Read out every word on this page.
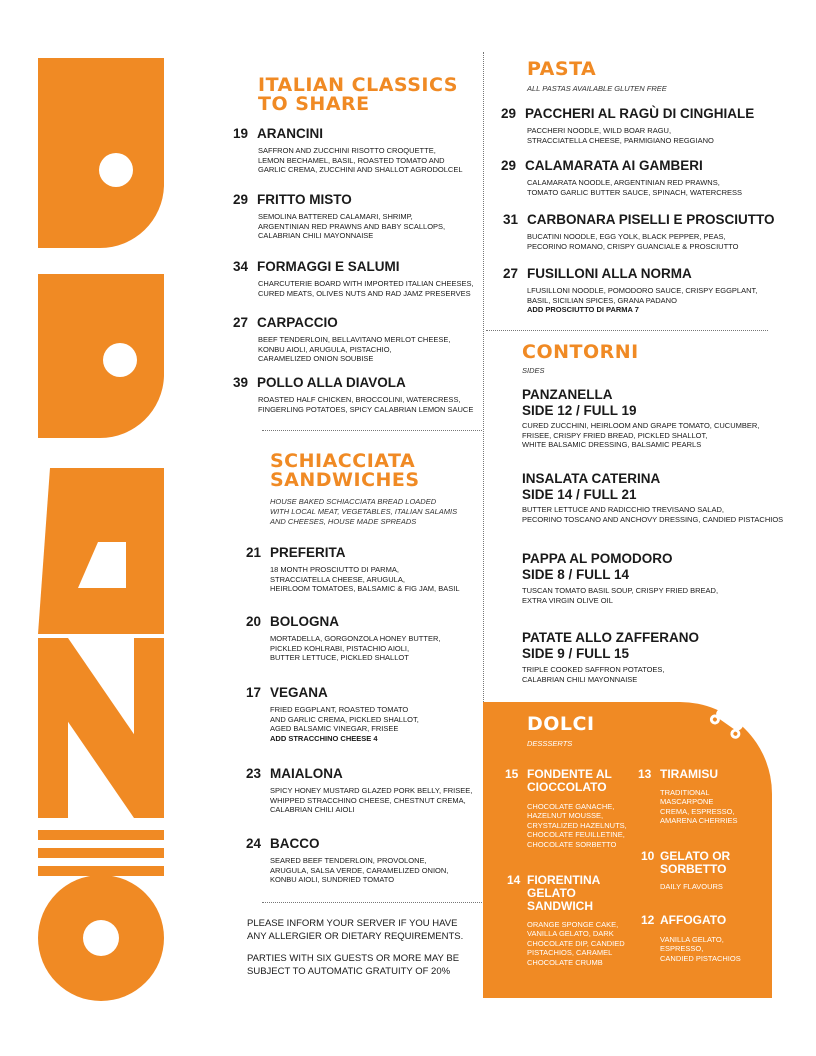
ITALIAN CLASSICS
TO SHARE
19 ARANCINI
SAFFRON AND ZUCCHINI RISOTTO CROQUETTE,
LEMON BECHAMEL, BASIL, ROASTED TOMATO AND
GARLIC CREMA, ZUCCHINI AND SHALLOT AGRODOLCEL
29 FRITTO MISTO
SEMOLINA BATTERED CALAMARI, SHRIMP,
ARGENTINIAN RED PRAWNS AND BABY SCALLOPS,
CALABRIAN CHILI MAYONNAISE
34 FORMAGGI E SALUMI
CHARCUTERIE BOARD WITH IMPORTED ITALIAN CHEESES,
CURED MEATS, OLIVES NUTS AND RAD JAMZ PRESERVES
27 CARPACCIO
BEEF TENDERLOIN, BELLAVITANO MERLOT CHEESE,
KONBU AIOLI, ARUGULA, PISTACHIO,
CARAMELIZED ONION SOUBISE
39 POLLO ALLA DIAVOLA
ROASTED HALF CHICKEN, BROCCOLINI, WATERCRESS,
FINGERLING POTATOES, SPICY CALABRIAN LEMON SAUCE
SCHIACCIATA
SANDWICHES
HOUSE BAKED SCHIACCIATA BREAD LOADED
WITH LOCAL MEAT, VEGETABLES, ITALIAN SALAMIS
AND CHEESES, HOUSE MADE SPREADS
21 PREFERITA
18 MONTH PROSCIUTTO DI PARMA,
STRACCIATELLA CHEESE, ARUGULA,
HEIRLOOM TOMATOES, BALSAMIC & FIG JAM, BASIL
20 BOLOGNA
MORTADELLA, GORGONZOLA HONEY BUTTER,
PICKLED KOHLRABI, PISTACHIO AIOLI,
BUTTER LETTUCE, PICKLED SHALLOT
17 VEGANA
FRIED EGGPLANT, ROASTED TOMATO
AND GARLIC CREMA, PICKLED SHALLOT,
AGED BALSAMIC VINEGAR, FRISEE
ADD STRACCHINO CHEESE 4
23 MAIALONA
SPICY HONEY MUSTARD GLAZED PORK BELLY, FRISEE,
WHIPPED STRACCHINO CHEESE, CHESTNUT CREMA,
CALABRIAN CHILI AIOLI
24 BACCO
SEARED BEEF TENDERLOIN, PROVOLONE,
ARUGULA, SALSA VERDE, CARAMELIZED ONION,
KONBU AIOLI, SUNDRIED TOMATO
PLEASE INFORM YOUR SERVER IF YOU HAVE
ANY ALLERGIER OR DIETARY REQUIREMENTS.
PARTIES WITH SIX GUESTS OR MORE MAY BE
SUBJECT TO AUTOMATIC GRATUITY OF 20%
PASTA
ALL PASTAS AVAILABLE GLUTEN FREE
29 PACCHERI AL RAGÙ DI CINGHIALE
PACCHERI NOODLE, WILD BOAR RAGU,
STRACCIATELLA CHEESE, PARMIGIANO REGGIANO
29 CALAMARATA AI GAMBERI
CALAMARATA NOODLE, ARGENTINIAN RED PRAWNS,
TOMATO GARLIC BUTTER SAUCE, SPINACH, WATERCRESS
31 CARBONARA PISELLI E PROSCIUTTO
BUCATINI NOODLE, EGG YOLK, BLACK PEPPER, PEAS,
PECORINO ROMANO, CRISPY GUANCIALE & PROSCIUTTO
27 FUSILLONI ALLA NORMA
LFUSILLONI NOODLE, POMODORO SAUCE, CRISPY EGGPLANT,
BASIL, SICILIAN SPICES, GRANA PADANO
ADD PROSCIUTTO DI PARMA 7
CONTORNI
SIDES
PANZANELLA
SIDE 12 / FULL 19
CURED ZUCCHINI, HEIRLOOM AND GRAPE TOMATO, CUCUMBER,
FRISEE, CRISPY FRIED BREAD, PICKLED SHALLOT,
WHITE BALSAMIC DRESSING, BALSAMIC PEARLS
INSALATA CATERINA
SIDE 14 / FULL 21
BUTTER LETTUCE AND RADICCHIO TREVISANO SALAD,
PECORINO TOSCANO AND ANCHOVY DRESSING, CANDIED PISTACHIOS
PAPPA AL POMODORO
SIDE 8 / FULL 14
TUSCAN TOMATO BASIL SOUP, CRISPY FRIED BREAD,
EXTRA VIRGIN OLIVE OIL
PATATE ALLO ZAFFERANO
SIDE 9 / FULL 15
TRIPLE COOKED SAFFRON POTATOES,
CALABRIAN CHILI MAYONNAISE
DOLCI
DESSSERTS
15 FONDENTE AL
CIOCCOLATO
CHOCOLATE GANACHE,
HAZELNUT MOUSSE,
CRYSTALIZED HAZELNUTS,
CHOCOLATE FEUILLETINE,
CHOCOLATE SORBETTO
14 FIORENTINA
GELATO
SANDWICH
ORANGE SPONGE CAKE,
VANILLA GELATO, DARK
CHOCOLATE DIP, CANDIED
PISTACHIOS, CARAMEL
CHOCOLATE CRUMB
13 TIRAMISU
TRADITIONAL
MASCARPONE
CREMA, ESPRESSO,
AMARENA CHERRIES
10 GELATO OR
SORBETTO
DAILY FLAVOURS
12 AFFOGATO
VANILLA GELATO,
ESPRESSO,
CANDIED PISTACHIOS
